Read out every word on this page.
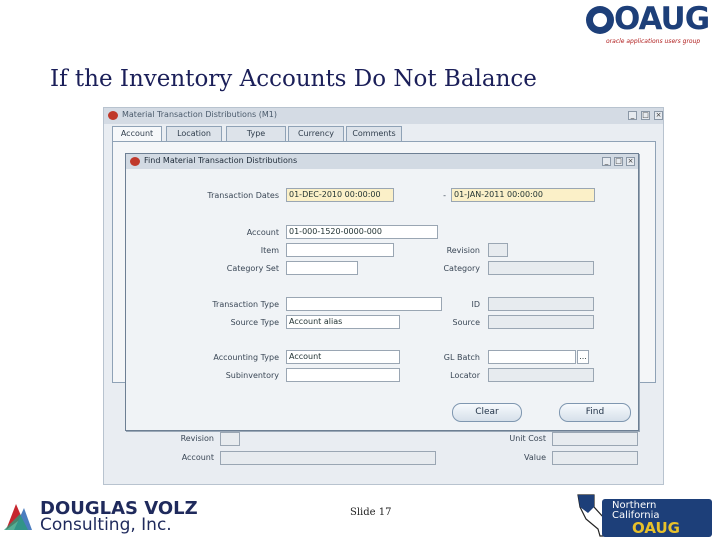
OAUG
oracle applications users group
If the Inventory Accounts Do Not Balance
Material Transaction Distributions (M1)	_	□ ×
Account	Location	Type	Currency	Comments
Revision	Unit Cost
Account	Value
Find Material Transaction Distributions	_ □ ×
Transaction Dates	01-DEC-2010 00:00:00	-	01-JAN-2011 00:00:00
Account	01-000-1520-0000-000
Item	Revision
Category Set	Category
Transaction Type	ID
Source Type	Account alias	Source
Accounting Type	Account	GL Batch	...
Subinventory	Locator
Clear	Find
DOUGLAS VOLZ
Consulting, Inc.
Slide 17
Northern
California
OAUG
